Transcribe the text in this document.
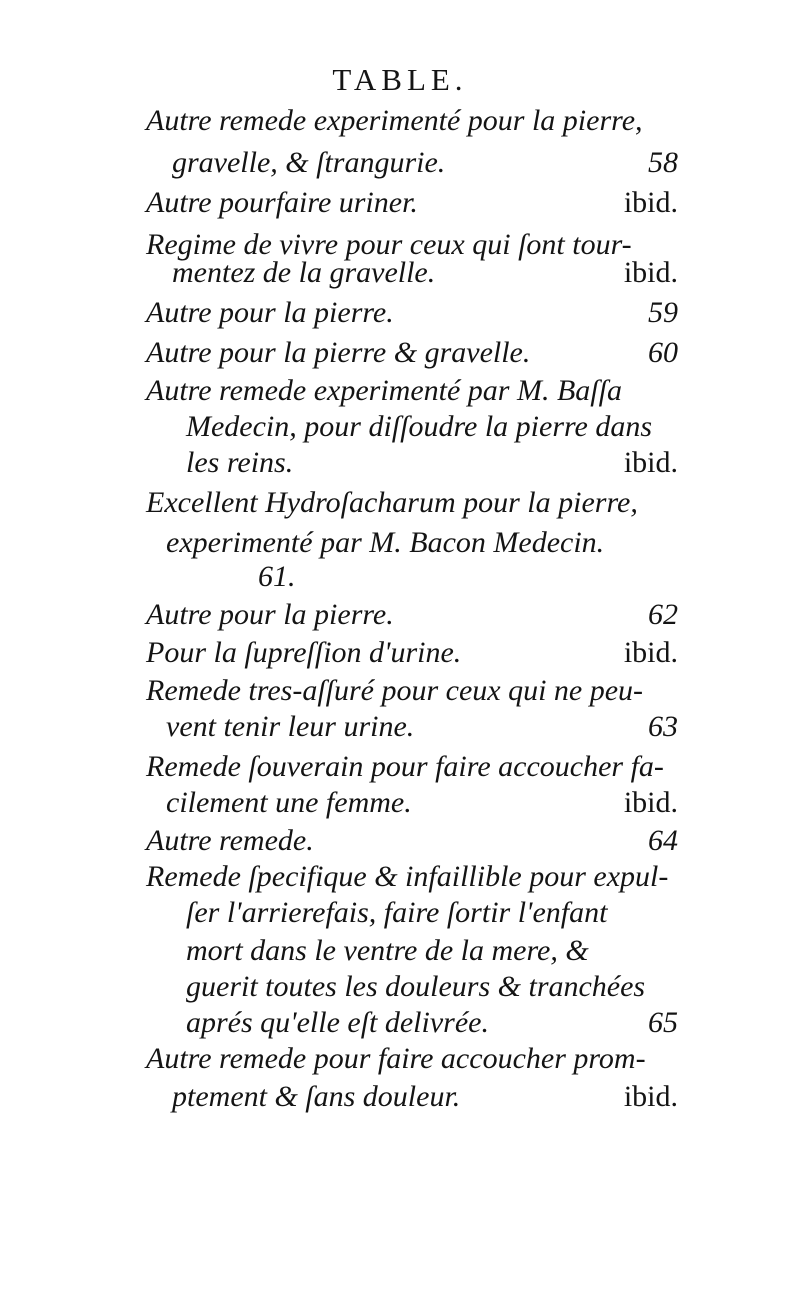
TABLE.
Autre remede experimenté pour la pierre,
gravelle, & ſtrangurie.	58
Autre pourfaire uriner.	ibid.
Regime de vivre pour ceux qui ſont tour-
mentez de la gravelle.	ibid.
Autre pour la pierre.	59
Autre pour la pierre & gravelle.	60
Autre remede experimenté par M. Baſſa
Medecin, pour diſſoudre la pierre dans
les reins.	ibid.
Excellent Hydroſacharum pour la pierre,
experimenté par M. Bacon Medecin.
61.
Autre pour la pierre.	62
Pour la ſupreſſion d'urine.	ibid.
Remede tres-aſſuré pour ceux qui ne peu-
vent tenir leur urine.	63
Remede ſouverain pour faire accoucher fa-
cilement une femme.	ibid.
Autre remede.	64
Remede ſpecifique & infaillible pour expul-
ſer l'arrierefais, faire ſortir l'enfant
mort dans le ventre de la mere, &
guerit toutes les douleurs & tranchées
aprés qu'elle eſt delivrée.	65
Autre remede pour faire accoucher prom-
ptement & ſans douleur.	ibid.
